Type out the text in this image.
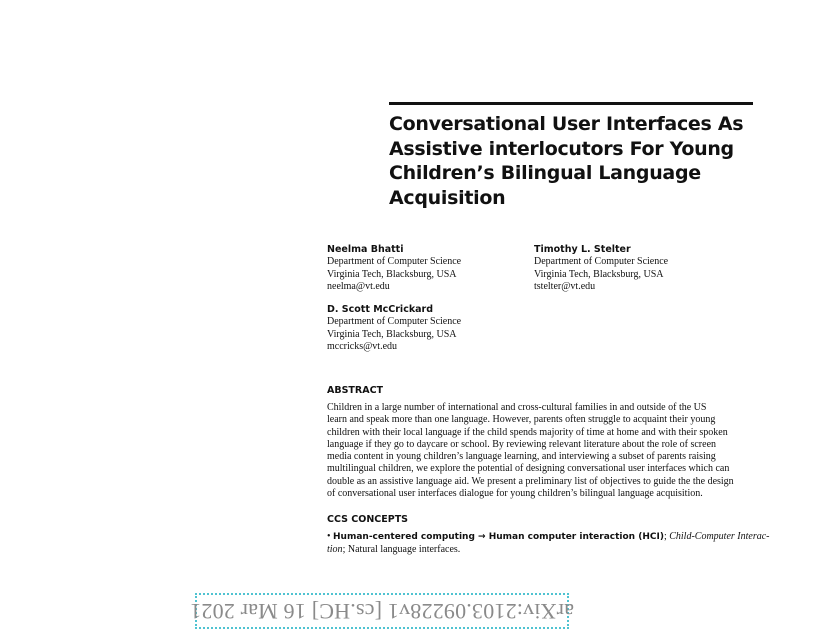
Conversational User Interfaces As
Assistive interlocutors For Young
Children’s Bilingual Language
Acquisition
Neelma Bhatti
Department of Computer Science
Virginia Tech, Blacksburg, USA
neelma@vt.edu
Timothy L. Stelter
Department of Computer Science
Virginia Tech, Blacksburg, USA
tstelter@vt.edu
D. Scott McCrickard
Department of Computer Science
Virginia Tech, Blacksburg, USA
mccricks@vt.edu
ABSTRACT

Children in a large number of international and cross-cultural families in and outside of the US
learn and speak more than one language. However, parents often struggle to acquaint their young
children with their local language if the child spends majority of time at home and with their spoken
language if they go to daycare or school. By reviewing relevant literature about the role of screen
media content in young children’s language learning, and interviewing a subset of parents raising
multilingual children, we explore the potential of designing conversational user interfaces which can
double as an assistive language aid. We present a preliminary list of objectives to guide the the design
of conversational user interfaces dialogue for young children’s bilingual language acquisition.

CCS CONCEPTS

• Human-centered computing → Human computer interaction (HCI); Child-Computer Interac-
tion; Natural language interfaces.

arXiv:2103.09228v1 [cs.HC] 16 Mar 2021
